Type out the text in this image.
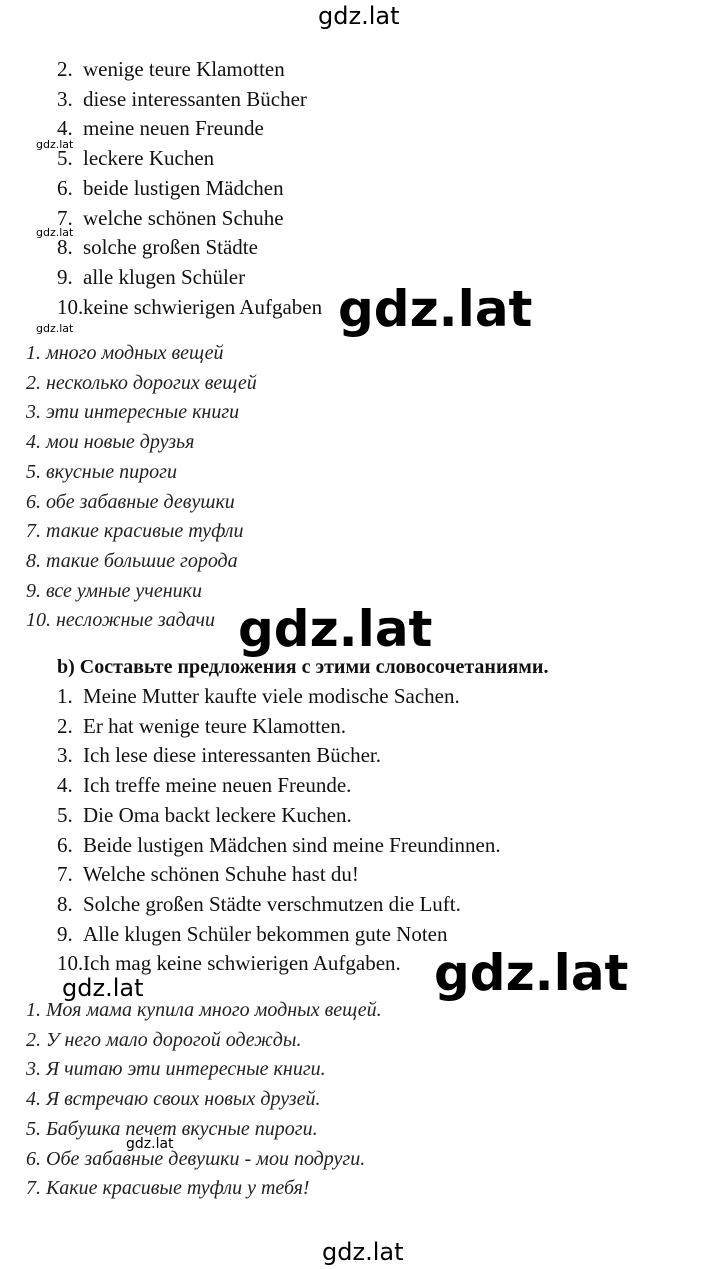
gdz.lat
2. wenige teure Klamotten
3. diese interessanten Bücher
4. meine neuen Freunde
5. leckere Kuchen
6. beide lustigen Mädchen
7. welche schönen Schuhe
8. solche großen Städte
9. alle klugen Schüler
10.keine schwierigen Aufgaben
1. много модных вещей
2. несколько дорогих вещей
3. эти интересные книги
4. мои новые друзья
5. вкусные пироги
6. обе забавные девушки
7. такие красивые туфли
8. такие большие города
9. все умные ученики
10. несложные задачи
b) Составьте предложения с этими словосочетаниями.
1. Meine Mutter kaufte viele modische Sachen.
2. Er hat wenige teure Klamotten.
3. Ich lese diese interessanten Bücher.
4. Ich treffe meine neuen Freunde.
5. Die Oma backt leckere Kuchen.
6. Beide lustigen Mädchen sind meine Freundinnen.
7. Welche schönen Schuhe hast du!
8. Solche großen Städte verschmutzen die Luft.
9. Alle klugen Schüler bekommen gute Noten
10.Ich mag keine schwierigen Aufgaben.
1. Моя мама купила много модных вещей.
2. У него мало дорогой одежды.
3. Я читаю эти интересные книги.
4. Я встречаю своих новых друзей.
5. Бабушка печет вкусные пироги.
6. Обе забавные девушки - мои подруги.
7. Какие красивые туфли у тебя!
gdz.lat
gdz.lat
gdz.lat	gdz.lat
gdz.lat
gdz.lat
gdz.lat
gdz.lat
gdz.lat
